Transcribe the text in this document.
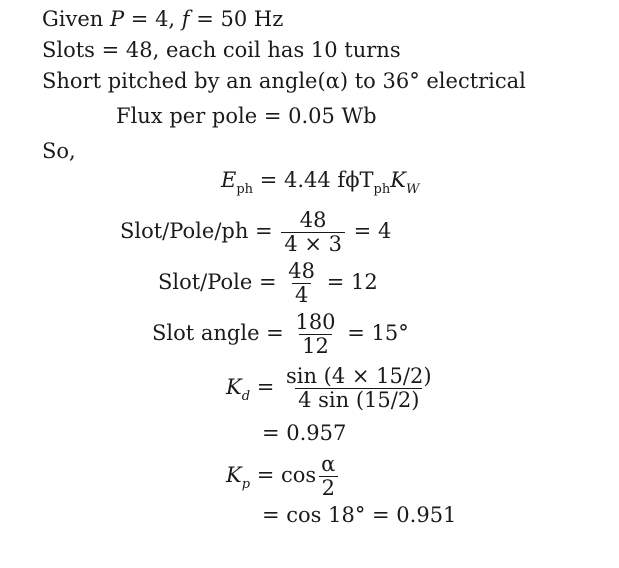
Given P = 4, f = 50 Hz
Slots = 48, each coil has 10 turns
Short pitched by an angle(α) to 36° electrical
Flux per pole = 0.05 Wb
So,
$E_{ph} = 4.44$ $f\phi T_{ph}K_W$
Slot/Pole/ph = $\frac{48}{4 \times 3} = 4$
Slot/Pole = $\frac{48}{4} = 12$
Slot angle = $\frac{180}{12} = 15^\circ$
$K_d = \frac{\sin (4 \times 15/2)}{4 \sin (15/2)}$
= 0.957
$K_p = \cos \frac{\alpha}{2}$
= cos 18° = 0.951
